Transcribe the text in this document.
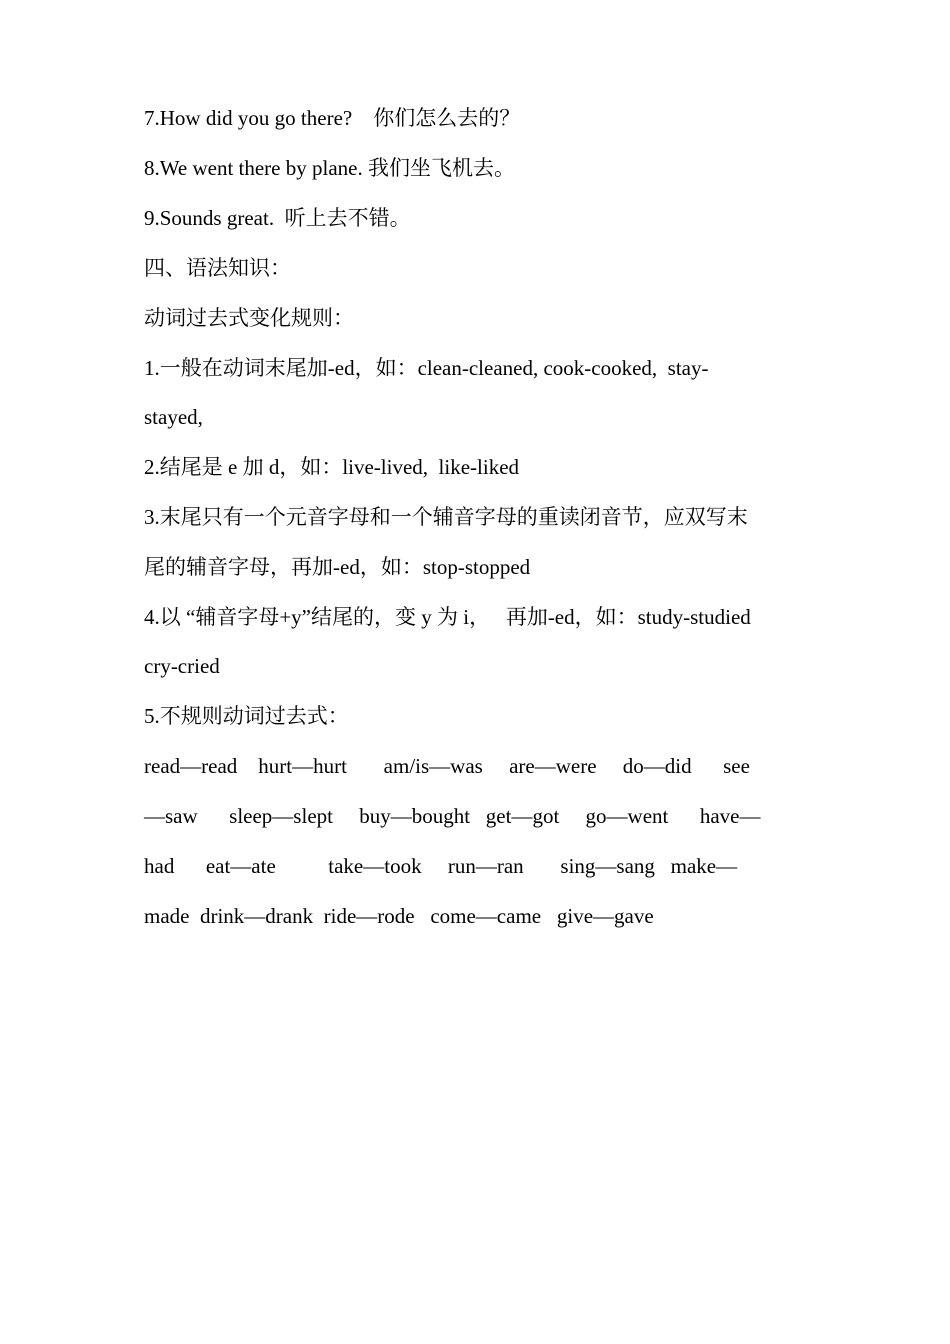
7.How did you go there?    你们怎么去的？
8.We went there by plane. 我们坐飞机去。
9.Sounds great.  听上去不错。
四、语法知识：
动词过去式变化规则：
1.一般在动词末尾加-ed，如：clean-cleaned, cook-cooked,  stay-
stayed,
2.结尾是 e 加 d，如：live-lived,  like-liked
3.末尾只有一个元音字母和一个辅音字母的重读闭音节，应双写末
尾的辅音字母，再加-ed，如：stop-stopped
4.以 “辅音字母+y”结尾的，变 y 为 i，   再加-ed，如：study-studied
cry-cried
5.不规则动词过去式：
read—read    hurt—hurt       am/is—was     are—were     do—did      see
—saw      sleep—slept     buy—bought   get—got     go—went      have—
had      eat—ate          take—took     run—ran       sing—sang   make—
made  drink—drank  ride—rode   come—came   give—gave
